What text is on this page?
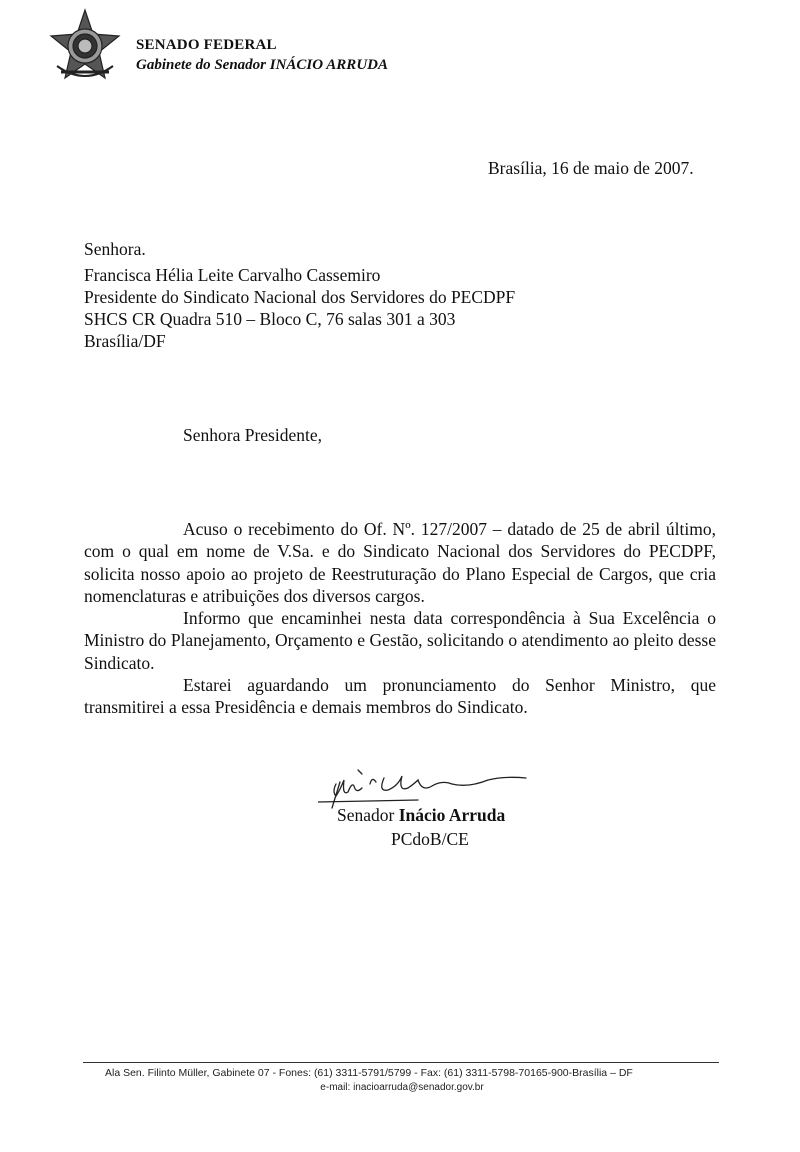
SENADO FEDERAL
Gabinete do Senador INÁCIO ARRUDA
Brasília, 16 de maio de 2007.
Senhora.
Francisca Hélia Leite Carvalho Cassemiro
Presidente do Sindicato Nacional dos Servidores do PECDPF
SHCS CR Quadra 510 – Bloco C, 76 salas 301 a 303
Brasília/DF
Senhora Presidente,

Acuso o recebimento do Of. Nº. 127/2007 – datado de 25 de abril último, com o qual em nome de V.Sa. e do Sindicato Nacional dos Servidores do PECDPF, solicita nosso apoio ao projeto de Reestruturação do Plano Especial de Cargos, que cria nomenclaturas e atribuições dos diversos cargos.

Informo que encaminhei nesta data correspondência à Sua Excelência o Ministro do Planejamento, Orçamento e Gestão, solicitando o atendimento ao pleito desse Sindicato.

Estarei aguardando um pronunciamento do Senhor Ministro, que transmitirei a essa Presidência e demais membros do Sindicato.

Senador Inácio Arruda
PCdoB/CE
Ala Sen. Filinto Müller, Gabinete 07 - Fones: (61) 3311-5791/5799 - Fax: (61) 3311-5798-70165-900-Brasília – DF
e-mail: inacioarruda@senador.gov.br
